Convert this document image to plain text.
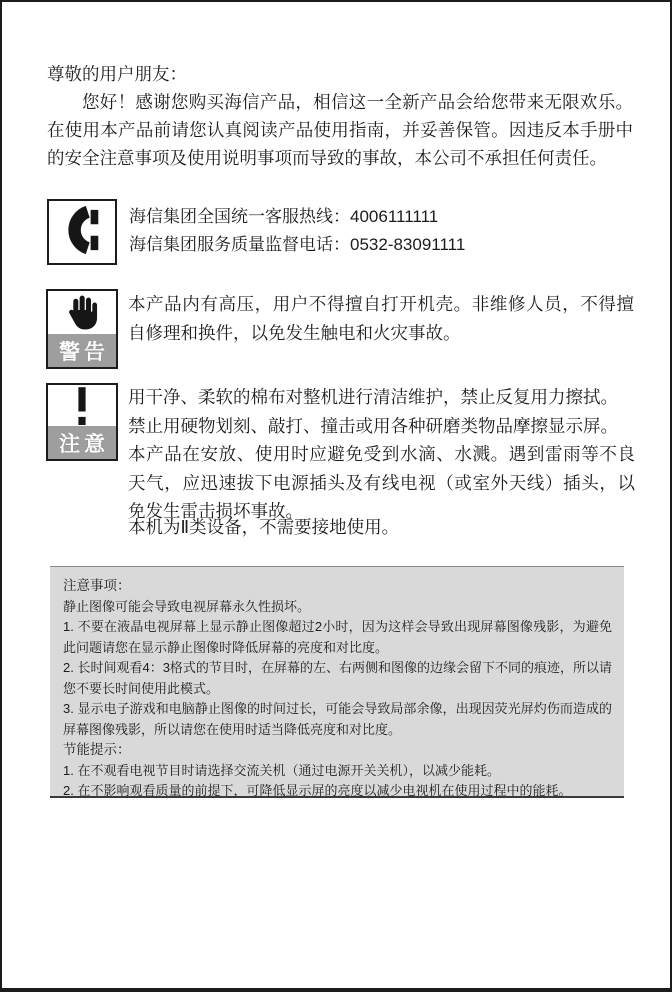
尊敬的用户朋友：

您好！感谢您购买海信产品，相信这一全新产品会给您带来无限欢乐。在使用本产品前请您认真阅读产品使用指南，并妥善保管。因违反本手册中的安全注意事项及使用说明事项而导致的事故，本公司不承担任何责任。

海信集团全国统一客服热线：4006111111

海信集团服务质量监督电话：0532-83091111

警告
本产品内有高压，用户不得擅自打开机壳。非维修人员，不得擅自修理和换件，以免发生触电和火灾事故。
注意

用干净、柔软的棉布对整机进行清洁维护，禁止反复用力擦拭。

禁止用硬物划刻、敲打、撞击或用各种研磨类物品摩擦显示屏。

本产品在安放、使用时应避免受到水滴、水溅。遇到雷雨等不良天气，应迅速拔下电源插头及有线电视（或室外天线）插头，以免发生雷击损坏事故。

本机为Ⅱ类设备，不需要接地使用。

注意事项：

静止图像可能会导致电视屏幕永久性损坏。

1. 不要在液晶电视屏幕上显示静止图像超过2小时，因为这样会导致出现屏幕图像残影，为避免此问题请您在显示静止图像时降低屏幕的亮度和对比度。

2. 长时间观看4：3格式的节目时，在屏幕的左、右两侧和图像的边缘会留下不同的痕迹，所以请您不要长时间使用此模式。

3. 显示电子游戏和电脑静止图像的时间过长，可能会导致局部余像，出现因荧光屏灼伤而造成的屏幕图像残影，所以请您在使用时适当降低亮度和对比度。

节能提示：

1. 在不观看电视节目时请选择交流关机（通过电源开关关机），以减少能耗。

2. 在不影响观看质量的前提下，可降低显示屏的亮度以减少电视机在使用过程中的能耗。
